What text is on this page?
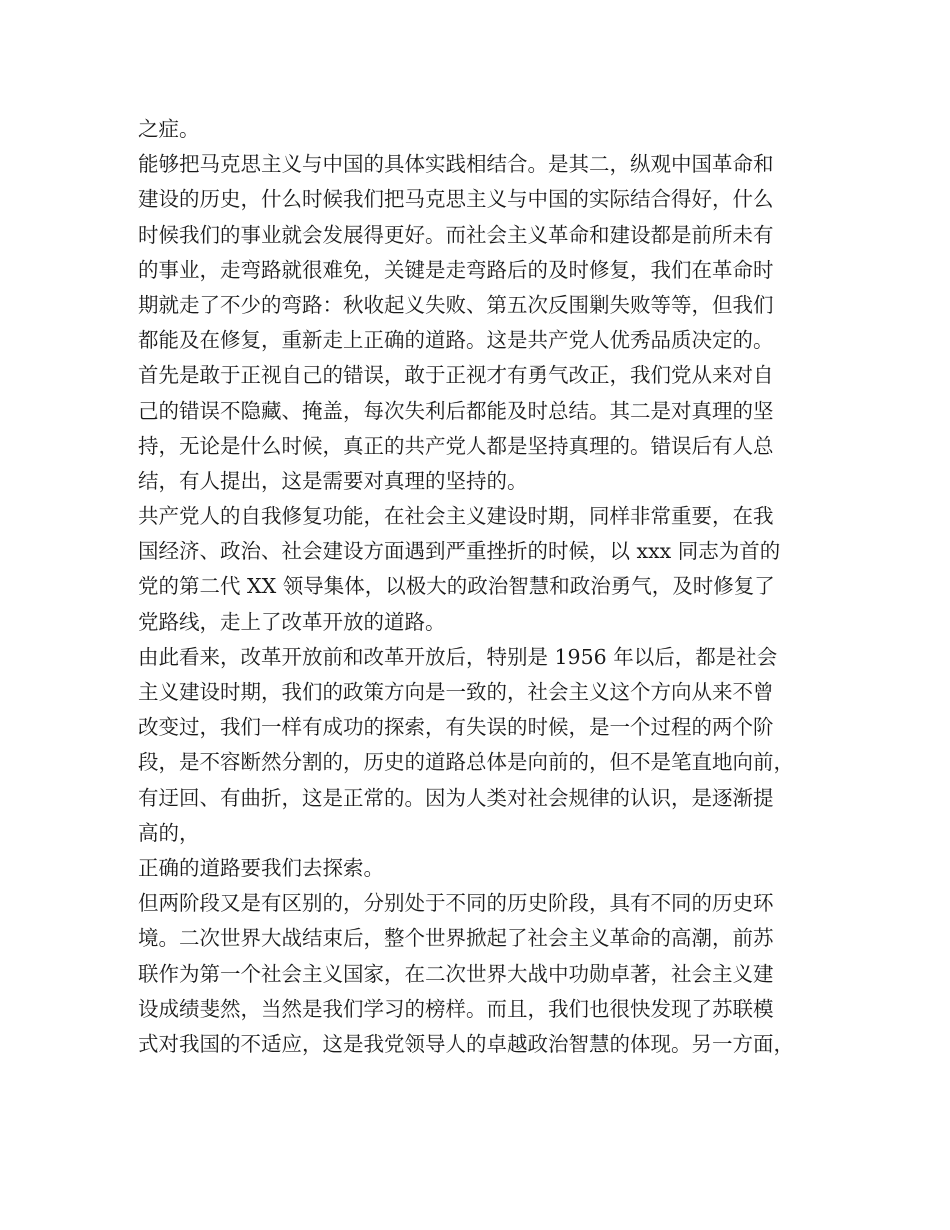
之症。
能够把马克思主义与中国的具体实践相结合。是其二，纵观中国革命和
建设的历史，什么时候我们把马克思主义与中国的实际结合得好，什么
时候我们的事业就会发展得更好。而社会主义革命和建设都是前所未有
的事业，走弯路就很难免，关键是走弯路后的及时修复，我们在革命时
期就走了不少的弯路：秋收起义失败、第五次反围剿失败等等，但我们
都能及在修复，重新走上正确的道路。这是共产党人优秀品质决定的。
首先是敢于正视自己的错误，敢于正视才有勇气改正，我们党从来对自
己的错误不隐藏、掩盖，每次失利后都能及时总结。其二是对真理的坚
持，无论是什么时候，真正的共产党人都是坚持真理的。错误后有人总
结，有人提出，这是需要对真理的坚持的。
共产党人的自我修复功能，在社会主义建设时期，同样非常重要，在我
国经济、政治、社会建设方面遇到严重挫折的时候，以 xxx 同志为首的
党的第二代 XX 领导集体，以极大的政治智慧和政治勇气，及时修复了
党路线，走上了改革开放的道路。
由此看来，改革开放前和改革开放后，特别是 1956 年以后，都是社会
主义建设时期，我们的政策方向是一致的，社会主义这个方向从来不曾
改变过，我们一样有成功的探索，有失误的时候，是一个过程的两个阶
段，是不容断然分割的，历史的道路总体是向前的，但不是笔直地向前，
有迂回、有曲折，这是正常的。因为人类对社会规律的认识，是逐渐提
高的，
正确的道路要我们去探索。
但两阶段又是有区别的，分别处于不同的历史阶段，具有不同的历史环
境。二次世界大战结束后，整个世界掀起了社会主义革命的高潮，前苏
联作为第一个社会主义国家，在二次世界大战中功勋卓著，社会主义建
设成绩斐然，当然是我们学习的榜样。而且，我们也很快发现了苏联模
式对我国的不适应，这是我党领导人的卓越政治智慧的体现。另一方面，
